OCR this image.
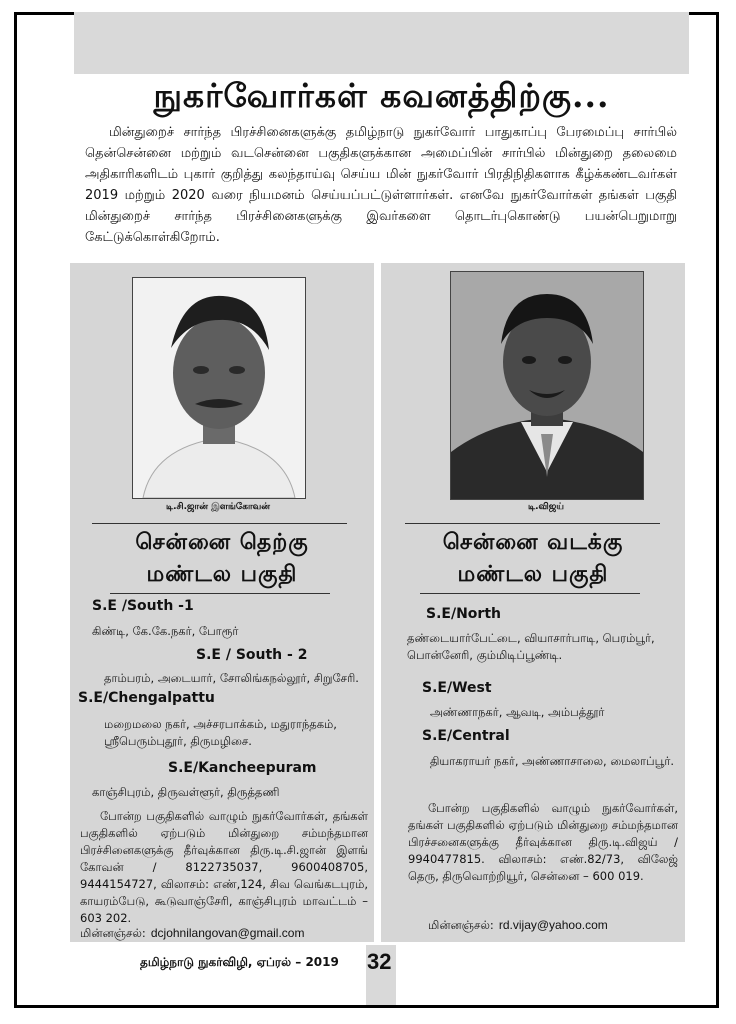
நுகர்வோர்கள் கவனத்திற்கு...
மின்துறைச் சார்ந்த பிரச்சினைகளுக்கு தமிழ்நாடு நுகர்வோர் பாதுகாப்பு பேரமைப்பு சார்பில் தென்சென்னை மற்றும் வடசென்னை பகுதிகளுக்கான அமைப்பின் சார்பில் மின்துறை தலைமை அதிகாரிகளிடம் புகார் குறித்து கலந்தாய்வு செய்ய மின் நுகர்வோர் பிரதிநிதிகளாக கீழ்க்கண்டவர்கள் 2019 மற்றும் 2020 வரை நியமனம் செய்யப்பட்டுள்ளார்கள். எனவே நுகர்வோர்கள் தங்கள் பகுதி மின்துறைச் சார்ந்த பிரச்சினைகளுக்கு இவர்களை தொடர்புகொண்டு பயன்பெறுமாறு கேட்டுக்கொள்கிறோம்.
டி.சி.ஜான் இளங்கோவன்
சென்னை தெற்கு
மண்டல பகுதி
S.E /South -1
கிண்டி, கே.கே.நகர், போரூர்
S.E / South - 2
தாம்பரம், அடையார், சோலிங்கநல்லூர், சிறுசேரி.
S.E/Chengalpattu
மறைமலை நகர், அச்சரபாக்கம், மதுராந்தகம், ஸ்ரீபெரும்புதூர், திருமழிசை.
S.E/Kancheepuram
காஞ்சிபுரம், திருவள்ளூர், திருத்தணி
போன்ற பகுதிகளில் வாழும் நுகர்வோர்கள், தங்கள் பகுதிகளில் ஏற்படும் மின்துறை சம்மந்தமான பிரச்சினைகளுக்கு தீர்வுக்கான திரு.டி.சி.ஜான் இளங் கோவன் / 8122735037, 9600408705, 9444154727, விலாசம்: எண்,124, சிவ வெங்கடபுரம், காயரம்பேடு, கூடுவாஞ்சேரி, காஞ்சிபுரம் மாவட்டம் – 603 202.
மின்னஞ்சல்: dcjohnilangovan@gmail.com
டி.விஜய்
சென்னை வடக்கு
மண்டல பகுதி
S.E/North
தண்டையார்பேட்டை, வியாசார்பாடி, பெரம்பூர், பொன்னேரி, கும்மிடிப்பூண்டி.
S.E/West
அண்ணாநகர், ஆவடி, அம்பத்தூர்
S.E/Central
தியாகராயர் நகர், அண்ணாசாலை, மைலாப்பூர்.
போன்ற பகுதிகளில் வாழும் நுகர்வோர்கள், தங்கள் பகுதிகளில் ஏற்படும் மின்துறை சம்மந்தமான பிரச்சனைகளுக்கு தீர்வுக்கான திரு.டி.விஜய் / 9940477815. விலாசம்: எண்.82/73, விலேஜ் தெரு, திருவொற்றியூர், சென்னை – 600 019.
மின்னஞ்சல்: rd.vijay@yahoo.com
தமிழ்நாடு நுகர்விழி, ஏப்ரல் – 2019 32
